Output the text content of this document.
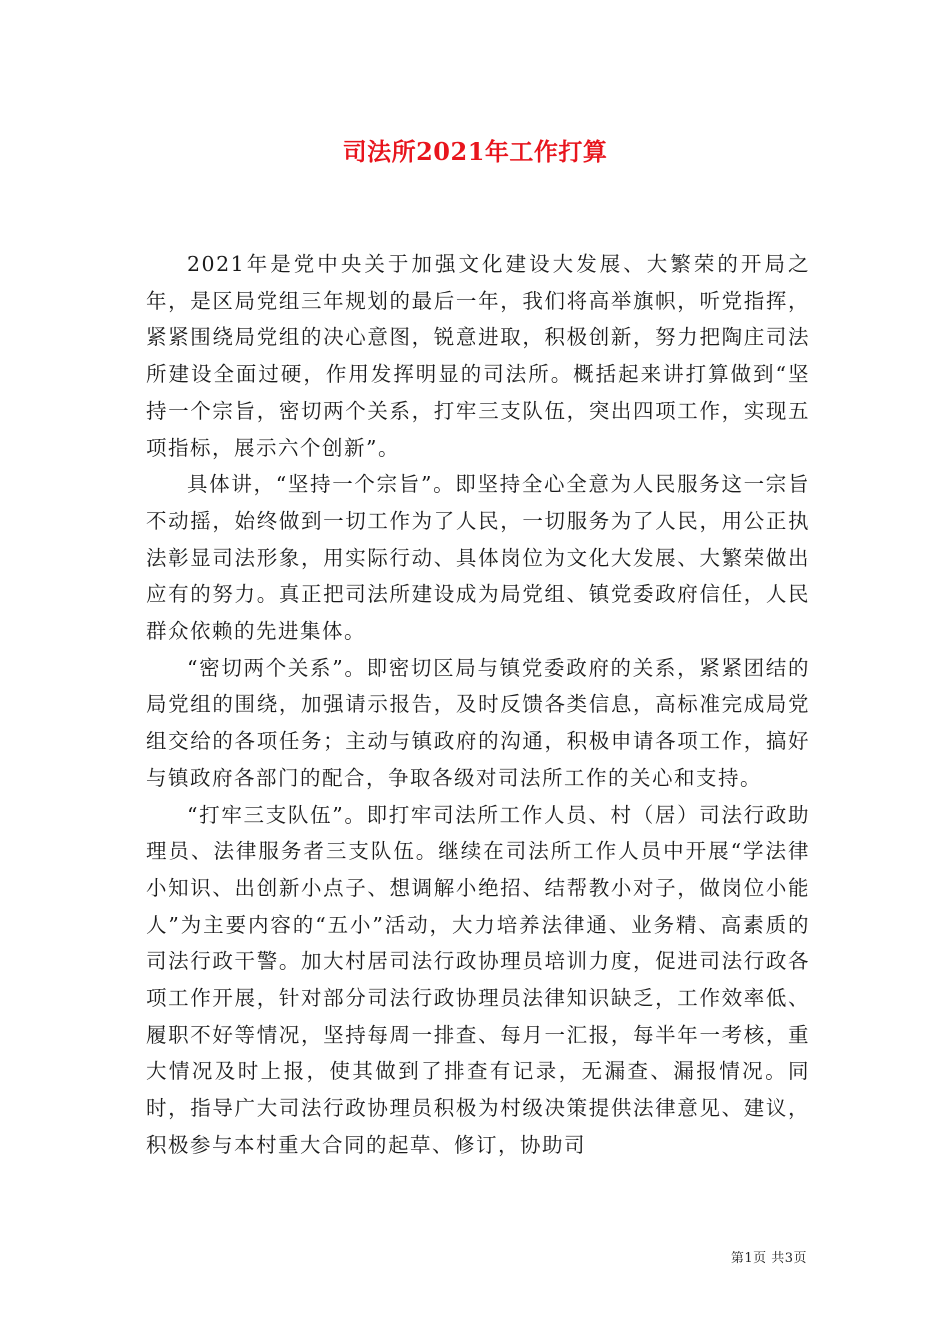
司法所2021年工作打算

2021年是党中央关于加强文化建设大发展、大繁荣的开局之年，是区局党组三年规划的最后一年，我们将高举旗帜，听党指挥，紧紧围绕局党组的决心意图，锐意进取，积极创新，努力把陶庄司法所建设全面过硬，作用发挥明显的司法所。概括起来讲打算做到“坚持一个宗旨，密切两个关系，打牢三支队伍，突出四项工作，实现五项指标，展示六个创新”。

具体讲，“坚持一个宗旨”。即坚持全心全意为人民服务这一宗旨不动摇，始终做到一切工作为了人民，一切服务为了人民，用公正执法彰显司法形象，用实际行动、具体岗位为文化大发展、大繁荣做出应有的努力。真正把司法所建设成为局党组、镇党委政府信任，人民群众依赖的先进集体。

“密切两个关系”。即密切区局与镇党委政府的关系，紧紧团结的局党组的围绕，加强请示报告，及时反馈各类信息，高标准完成局党组交给的各项任务；主动与镇政府的沟通，积极申请各项工作，搞好与镇政府各部门的配合，争取各级对司法所工作的关心和支持。

“打牢三支队伍”。即打牢司法所工作人员、村（居）司法行政助理员、法律服务者三支队伍。继续在司法所工作人员中开展“学法律小知识、出创新小点子、想调解小绝招、结帮教小对子，做岗位小能人”为主要内容的“五小”活动，大力培养法律通、业务精、高素质的司法行政干警。加大村居司法行政协理员培训力度，促进司法行政各项工作开展，针对部分司法行政协理员法律知识缺乏，工作效率低、履职不好等情况，坚持每周一排查、每月一汇报，每半年一考核，重大情况及时上报，使其做到了排查有记录，无漏查、漏报情况。同时，指导广大司法行政协理员积极为村级决策提供法律意见、建议，积极参与本村重大合同的起草、修订，协助司

第1页 共3页
